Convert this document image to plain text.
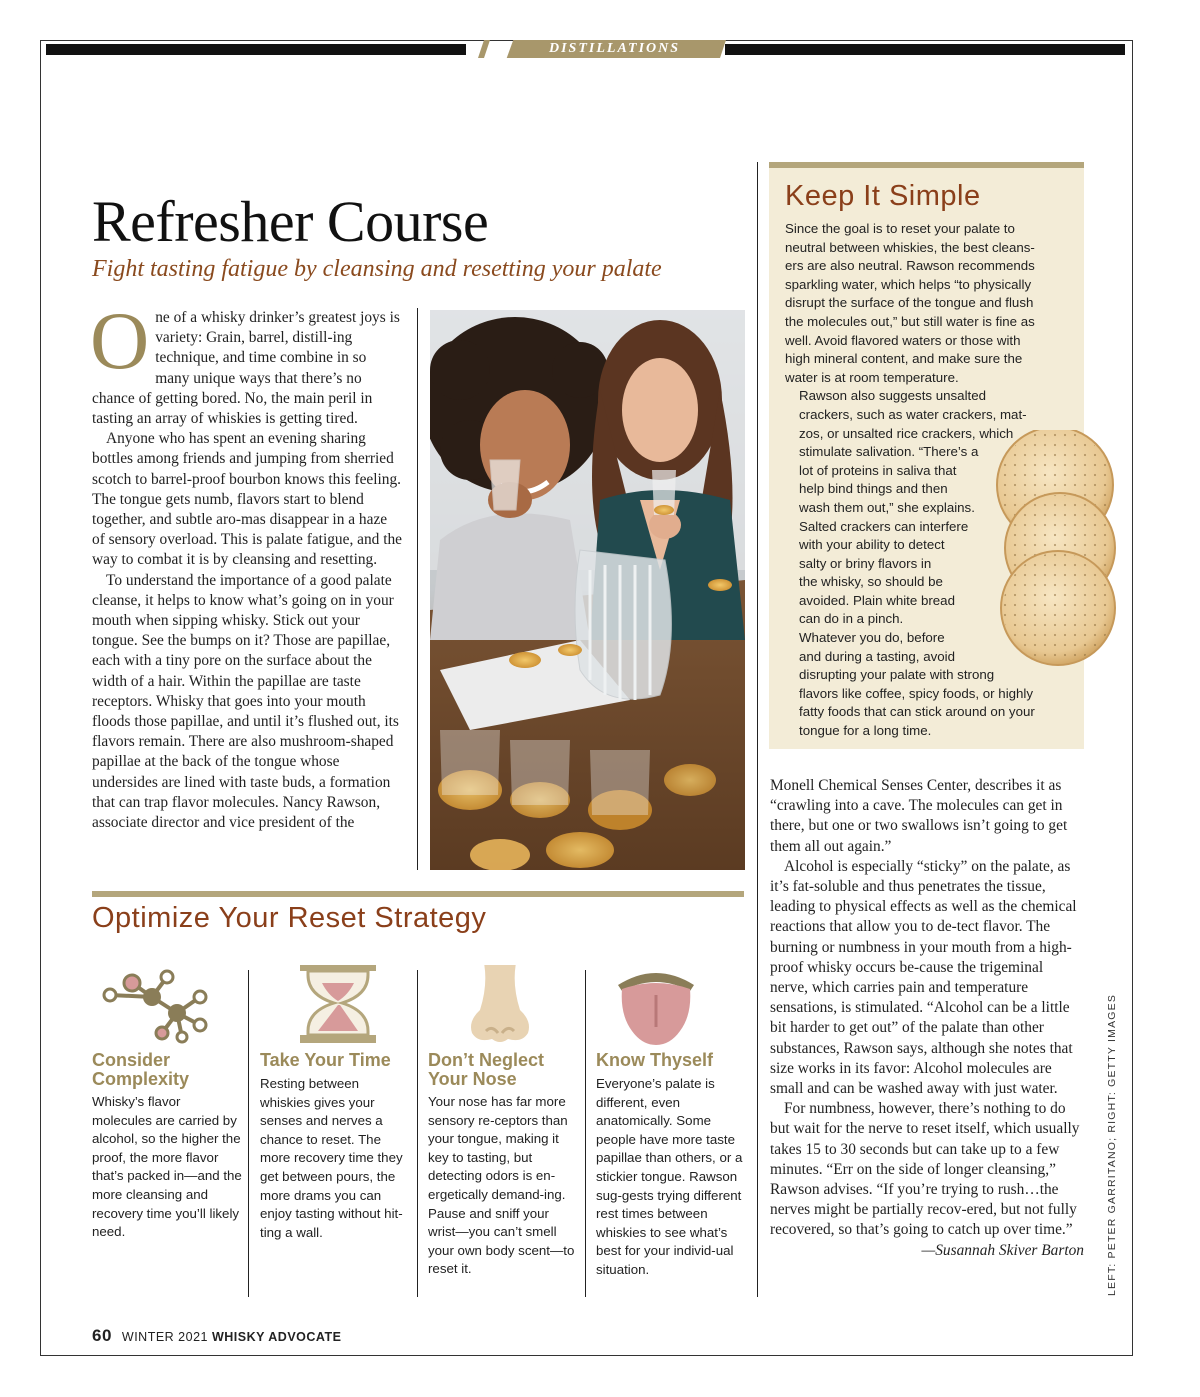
DISTILLATIONS
Refresher Course
Fight tasting fatigue by cleansing and resetting your palate

One of a whisky drinker’s greatest joys is variety: Grain, barrel, distill-ing technique, and time combine in so many unique ways that there’s no chance of getting bored. No, the main peril in tasting an array of whiskies is getting tired.

Anyone who has spent an evening sharing bottles among friends and jumping from sherried scotch to barrel-proof bourbon knows this feeling. The tongue gets numb, flavors start to blend together, and subtle aro-mas disappear in a haze of sensory overload. This is palate fatigue, and the way to combat it is by cleansing and resetting.

To understand the importance of a good palate cleanse, it helps to know what’s going on in your mouth when sipping whisky. Stick out your tongue. See the bumps on it? Those are papillae, each with a tiny pore on the surface about the width of a hair. Within the papillae are taste receptors. Whisky that goes into your mouth floods those papillae, and until it’s flushed out, its flavors remain. There are also mushroom-shaped papillae at the back of the tongue whose undersides are lined with taste buds, a formation that can trap flavor molecules. Nancy Rawson, associate director and vice president of the

Keep It Simple

Since the goal is to reset your palate to
neutral between whiskies, the best cleans-
ers are also neutral. Rawson recommends
sparkling water, which helps “to physically
disrupt the surface of the tongue and flush
the molecules out,” but still water is fine as
well. Avoid flavored waters or those with
high mineral content, and make sure the
water is at room temperature.

Rawson also suggests unsalted
crackers, such as water crackers, mat-
zos, or unsalted rice crackers, which
stimulate salivation. “There’s a
lot of proteins in saliva that
help bind things and then
wash them out,” she explains.
Salted crackers can interfere
with your ability to detect
salty or briny flavors in
the whisky, so should be
avoided. Plain white bread
can do in a pinch.

Whatever you do, before
and during a tasting, avoid
disrupting your palate with strong
flavors like coffee, spicy foods, or highly
fatty foods that can stick around on your
tongue for a long time.

Monell Chemical Senses Center, describes it as “crawling into a cave. The molecules can get in there, but one or two swallows isn’t going to get them all out again.”

Alcohol is especially “sticky” on the palate, as it’s fat-soluble and thus penetrates the tissue, leading to physical effects as well as the chemical reactions that allow you to de-tect flavor. The burning or numbness in your mouth from a high-proof whisky occurs be-cause the trigeminal nerve, which carries pain and temperature sensations, is stimulated. “Alcohol can be a little bit harder to get out” of the palate than other substances, Rawson says, although she notes that size works in its favor: Alcohol molecules are small and can be washed away with just water.

For numbness, however, there’s nothing to do but wait for the nerve to reset itself, which usually takes 15 to 30 seconds but can take up to a few minutes. “Err on the side of longer cleansing,” Rawson advises. “If you’re trying to rush…the nerves might be partially recov-ered, but not fully recovered, so that’s going to catch up over time.”

—Susannah Skiver Barton LEFT: PETER GARRITANO; RIGHT: GETTY IMAGES
Optimize Your Reset Strategy
Consider Complexity
Whisky’s flavor molecules are carried by alcohol, so the higher the proof, the more flavor that’s packed in—and the more cleansing and recovery time you’ll likely need.
Take Your Time
Resting between whiskies gives your senses and nerves a chance to reset. The more recovery time they get between pours, the more drams you can enjoy tasting without hit-ting a wall.
Don’t Neglect Your Nose
Your nose has far more sensory re-ceptors than your tongue, making it key to tasting, but detecting odors is en-ergetically demand-ing. Pause and sniff your wrist—you can’t smell your own body scent—to reset it.
Know Thyself
Everyone’s palate is different, even anatomically. Some people have more taste papillae than others, or a stickier tongue. Rawson sug-gests trying different rest times between whiskies to see what’s best for your individ-ual situation.
60 WINTER 2021 WHISKY ADVOCATE
